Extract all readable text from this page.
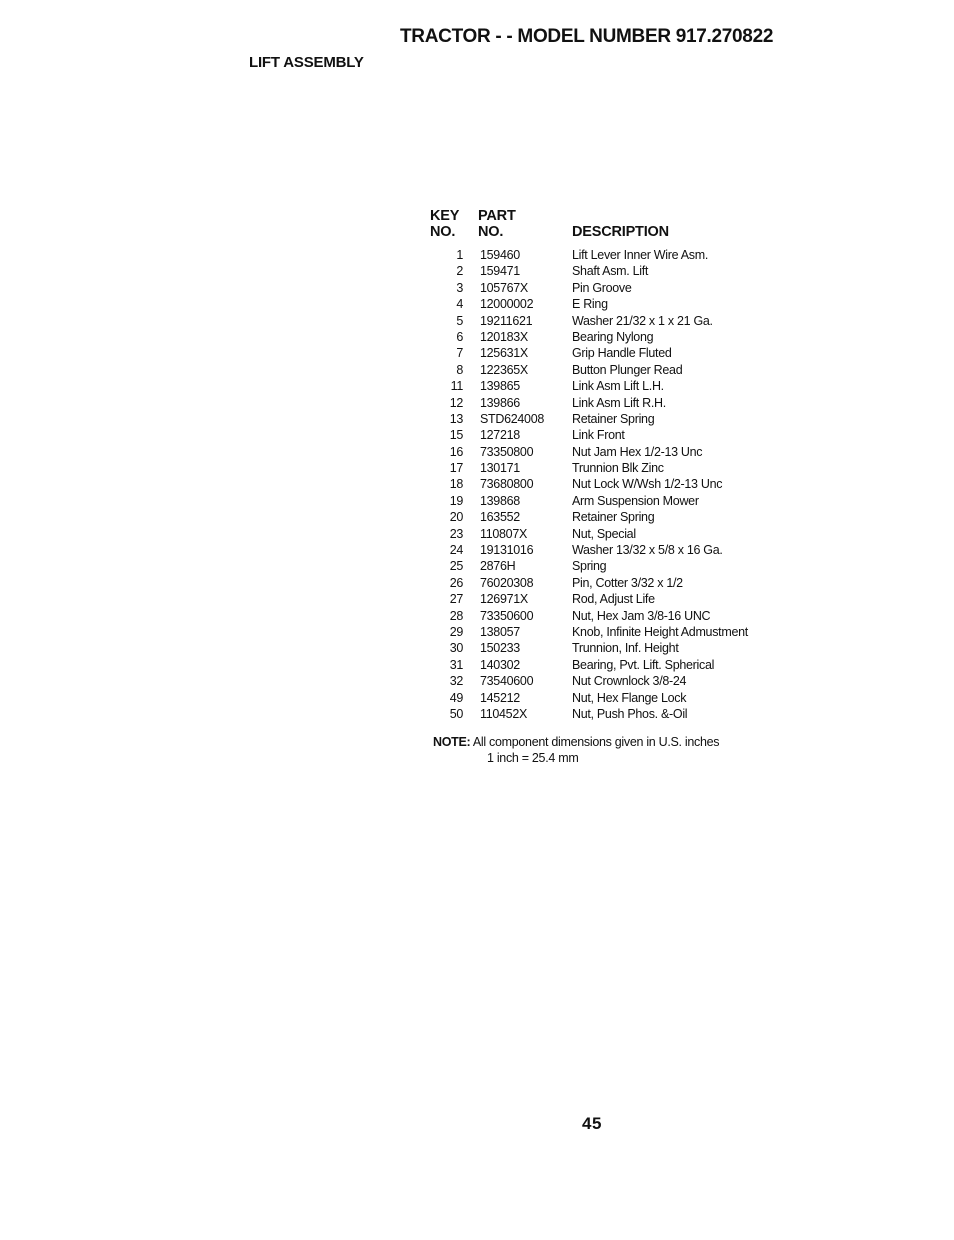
TRACTOR - - MODEL NUMBER 917.270822
LIFT ASSEMBLY
KEY
NO.
PART
NO.	DESCRIPTION
1 159460	Lift Lever Inner Wire Asm.
2 159471	Shaft Asm. Lift
3 105767X	Pin Groove
4 12000002	E Ring
5 19211621	Washer 21/32 x 1 x 21 Ga.
6 120183X	Bearing Nylong
7 125631X	Grip Handle Fluted
8 122365X	Button Plunger Read
11 139865	Link Asm Lift L.H.
12 139866	Link Asm Lift R.H.
13 STD624008 Retainer Spring
15 127218	Link Front
16 73350800	Nut Jam Hex 1/2-13 Unc
17 130171	Trunnion Blk Zinc
18 73680800	Nut Lock W/Wsh 1/2-13 Unc
19 139868	Arm Suspension Mower
20 163552	Retainer Spring
23 110807X	Nut, Special
24 19131016	Washer 13/32 x 5/8 x 16 Ga.
25 2876H	Spring
26 76020308	Pin, Cotter 3/32 x 1/2
27 126971X	Rod, Adjust Life
28 73350600	Nut, Hex Jam 3/8-16 UNC
29 138057	Knob, Infinite Height Admustment
30 150233	Trunnion, Inf. Height
31 140302	Bearing, Pvt. Lift. Spherical
32 73540600	Nut Crownlock 3/8-24
49 145212	Nut, Hex Flange Lock
50 110452X	Nut, Push Phos. &-Oil
NOTE: All component dimensions given in U.S. inches
1 inch = 25.4 mm
45
